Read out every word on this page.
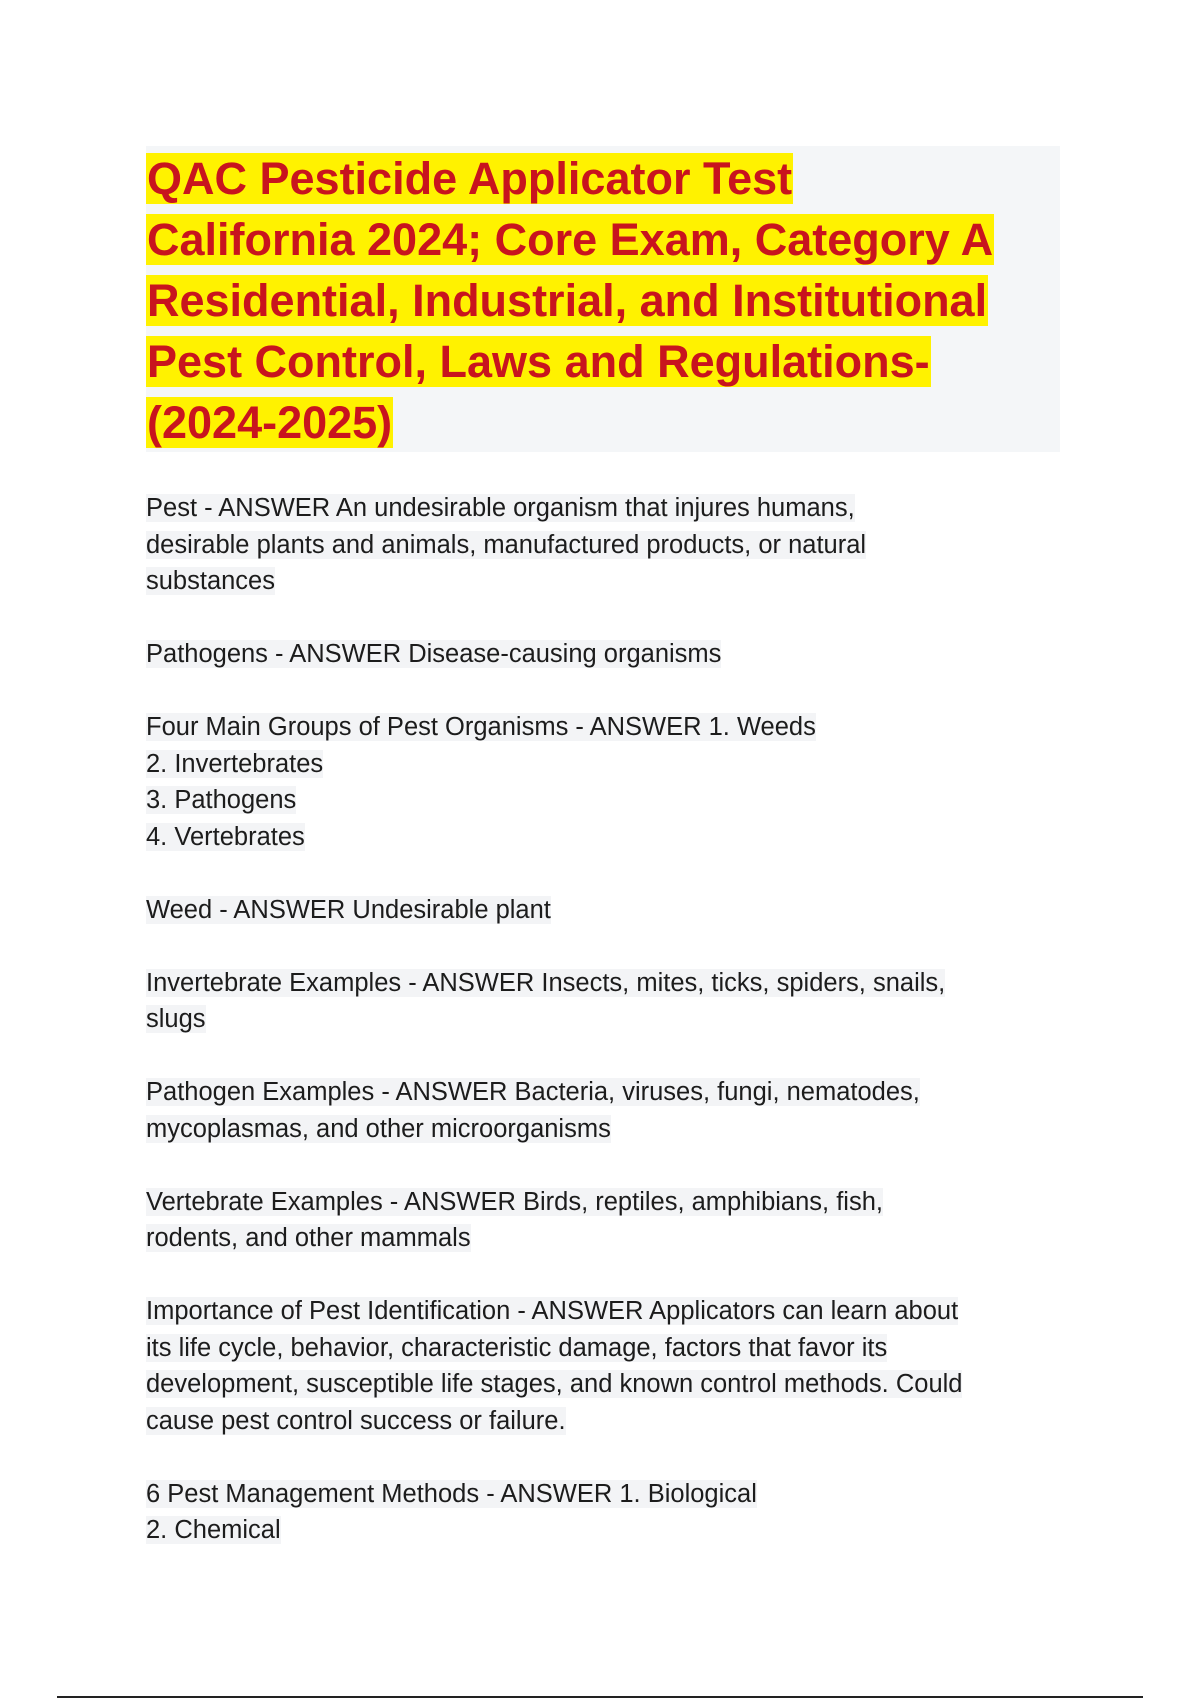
QAC Pesticide Applicator Test
California 2024; Core Exam, Category A
Residential, Industrial, and Institutional
Pest Control, Laws and Regulations-
(2024-2025)
Pest - ANSWER An undesirable organism that injures humans,
desirable plants and animals, manufactured products, or natural
substances
Pathogens - ANSWER Disease-causing organisms
Four Main Groups of Pest Organisms - ANSWER 1. Weeds
2. Invertebrates
3. Pathogens
4. Vertebrates
Weed - ANSWER Undesirable plant
Invertebrate Examples - ANSWER Insects, mites, ticks, spiders, snails,
slugs
Pathogen Examples - ANSWER Bacteria, viruses, fungi, nematodes,
mycoplasmas, and other microorganisms
Vertebrate Examples - ANSWER Birds, reptiles, amphibians, fish,
rodents, and other mammals
Importance of Pest Identification - ANSWER Applicators can learn about
its life cycle, behavior, characteristic damage, factors that favor its
development, susceptible life stages, and known control methods. Could
cause pest control success or failure.
6 Pest Management Methods - ANSWER 1. Biological
2. Chemical
